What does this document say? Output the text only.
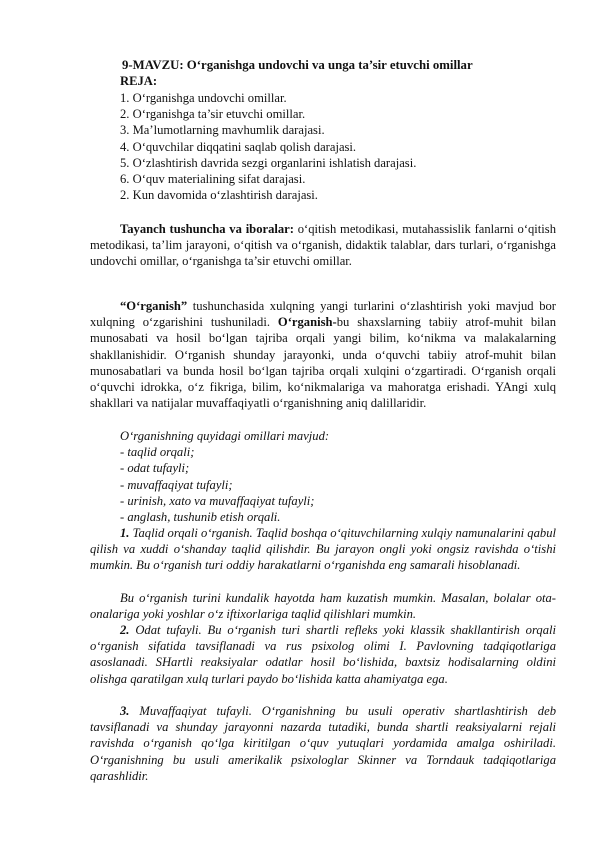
9-MAVZU: O‘rganishga undovchi va unga ta’sir etuvchi omillar
REJA:
1. O‘rganishga undovchi omillar.
2. O‘rganishga ta’sir etuvchi omillar.
3. Ma’lumotlarning mavhumlik darajasi.
4. O‘quvchilar diqqatini saqlab qolish darajasi.
5. O‘zlashtirish davrida sezgi organlarini ishlatish darajasi.
6. O‘quv materialining sifat darajasi.
2. Kun davomida o‘zlashtirish darajasi.
Tayanch tushuncha va iboralar: o‘qitish metodikasi, mutahassislik fanlarni o‘qitish metodikasi, ta’lim jarayoni, o‘qitish va o‘rganish, didaktik talablar, dars turlari, o‘rganishga undovchi omillar, o‘rganishga ta’sir etuvchi omillar.
“O‘rganish” tushunchasida xulqning yangi turlarini o‘zlashtirish yoki mavjud bor xulqning o‘zgarishini tushuniladi. O‘rganish-bu shaxslarning tabiiy atrof-muhit bilan munosabati va hosil bo‘lgan tajriba orqali yangi bilim, ko‘nikma va malakalarning shakllanishidir. O‘rganish shunday jarayonki, unda o‘quvchi tabiiy atrof-muhit bilan munosabatlari va bunda hosil bo‘lgan tajriba orqali xulqini o‘zgartiradi. O‘rganish orqali o‘quvchi idrokka, o‘z fikriga, bilim, ko‘nikmalariga va mahoratga erishadi. YAngi xulq shakllari va natijalar muvaffaqiyatli o‘rganishning aniq dalillaridir.
O‘rganishning quyidagi omillari mavjud:
- taqlid orqali;
- odat tufayli;
- muvaffaqiyat tufayli;
- urinish, xato va muvaffaqiyat tufayli;
- anglash, tushunib etish orqali.
1. Taqlid orqali o‘rganish. Taqlid boshqa o‘qituvchilarning xulqiy namunalarini qabul qilish va xuddi o‘shanday taqlid qilishdir. Bu jarayon ongli yoki ongsiz ravishda o‘tishi mumkin. Bu o‘rganish turi oddiy harakatlarni o‘rganishda eng samarali hisoblanadi.
Bu o‘rganish turini kundalik hayotda ham kuzatish mumkin. Masalan, bolalar ota-onalariga yoki yoshlar o‘z iftixorlariga taqlid qilishlari mumkin.
2. Odat tufayli. Bu o‘rganish turi shartli refleks yoki klassik shakllantirish orqali o‘rganish sifatida tavsiflanadi va rus psixolog olimi I. Pavlovning tadqiqotlariga asoslanadi. SHartli reaksiyalar odatlar hosil bo‘lishida, baxtsiz hodisalarning oldini olishga qaratilgan xulq turlari paydo bo‘lishida katta ahamiyatga ega.
3. Muvaffaqiyat tufayli. O‘rganishning bu usuli operativ shartlashtirish deb tavsiflanadi va shunday jarayonni nazarda tutadiki, bunda shartli reaksiyalarni rejali ravishda o‘rganish qo‘lga kiritilgan o‘quv yutuqlari yordamida amalga oshiriladi. O‘rganishning bu usuli amerikalik psixologlar Skinner va Torndauk tadqiqotlariga qarashlidir.
